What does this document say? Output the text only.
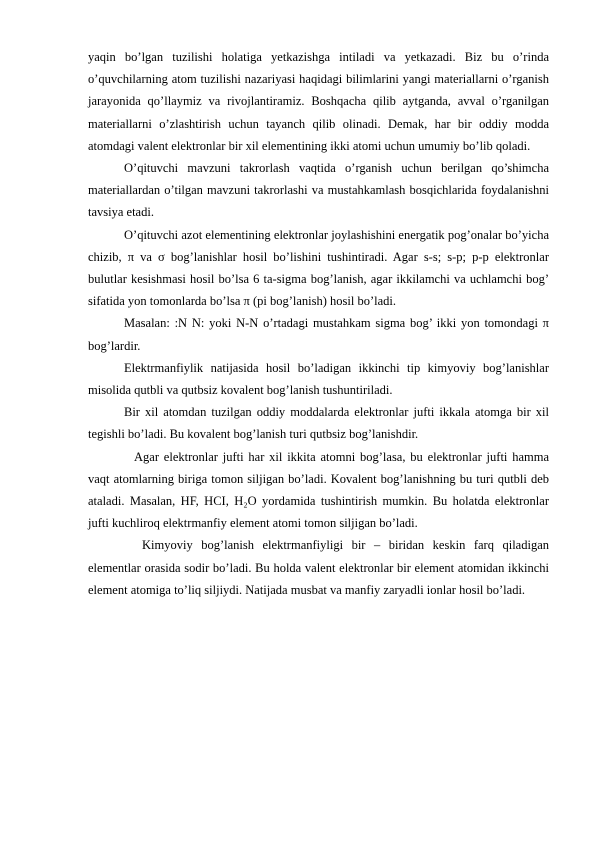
yaqin bo’lgan tuzilishi holatiga yetkazishga intiladi va yetkazadi. Biz bu o’rinda o’quvchilarning atom tuzilishi nazariyasi haqidagi bilimlarini yangi materiallarni o’rganish jarayonida qo’llaymiz va rivojlantiramiz. Boshqacha qilib aytganda, avval o’rganilgan materiallarni o’zlashtirish uchun tayanch qilib olinadi. Demak, har bir oddiy modda atomdagi valent elektronlar bir xil elementining ikki atomi uchun umumiy bo’lib qoladi.

O’qituvchi mavzuni takrorlash vaqtida o’rganish uchun berilgan qo’shimcha materiallardan o’tilgan mavzuni takrorlashi va mustahkamlash bosqichlarida foydalanishni tavsiya etadi.

O’qituvchi azot elementining elektronlar joylashishini energatik pog’onalar bo’yicha chizib, π va σ bog’lanishlar hosil bo’lishini tushintiradi. Agar s-s; s-p; p-p elektronlar bulutlar kesishmasi hosil bo’lsa 6 ta-sigma bog’lanish, agar ikkilamchi va uchlamchi bog’ sifatida yon tomonlarda bo’lsa π (pi bog’lanish) hosil bo’ladi.

Masalan: :N N: yoki N-N o’rtadagi mustahkam sigma bog’ ikki yon tomondagi π bog’lardir.

Elektrmanfiylik natijasida hosil bo’ladigan ikkinchi tip kimyoviy bog’lanishlar misolida qutbli va qutbsiz kovalent bog’lanish tushuntiriladi.

Bir xil atomdan tuzilgan oddiy moddalarda elektronlar jufti ikkala atomga bir xil tegishli bo’ladi. Bu kovalent bog’lanish turi qutbsiz bog’lanishdir.

Agar elektronlar jufti har xil ikkita atomni bog’lasa, bu elektronlar jufti hamma vaqt atomlarning biriga tomon siljigan bo’ladi. Kovalent bog’lanishning bu turi qutbli deb ataladi. Masalan, HF, HCI, H₂O yordamida tushintirish mumkin. Bu holatda elektronlar jufti kuchliroq elektrmanfiy element atomi tomon siljigan bo’ladi.

Kimyoviy bog’lanish elektrmanfiyligi bir – biridan keskin farq qiladigan elementlar orasida sodir bo’ladi. Bu holda valent elektronlar bir element atomidan ikkinchi element atomiga to’liq siljiydi. Natijada musbat va manfiy zaryadli ionlar hosil bo’ladi.
